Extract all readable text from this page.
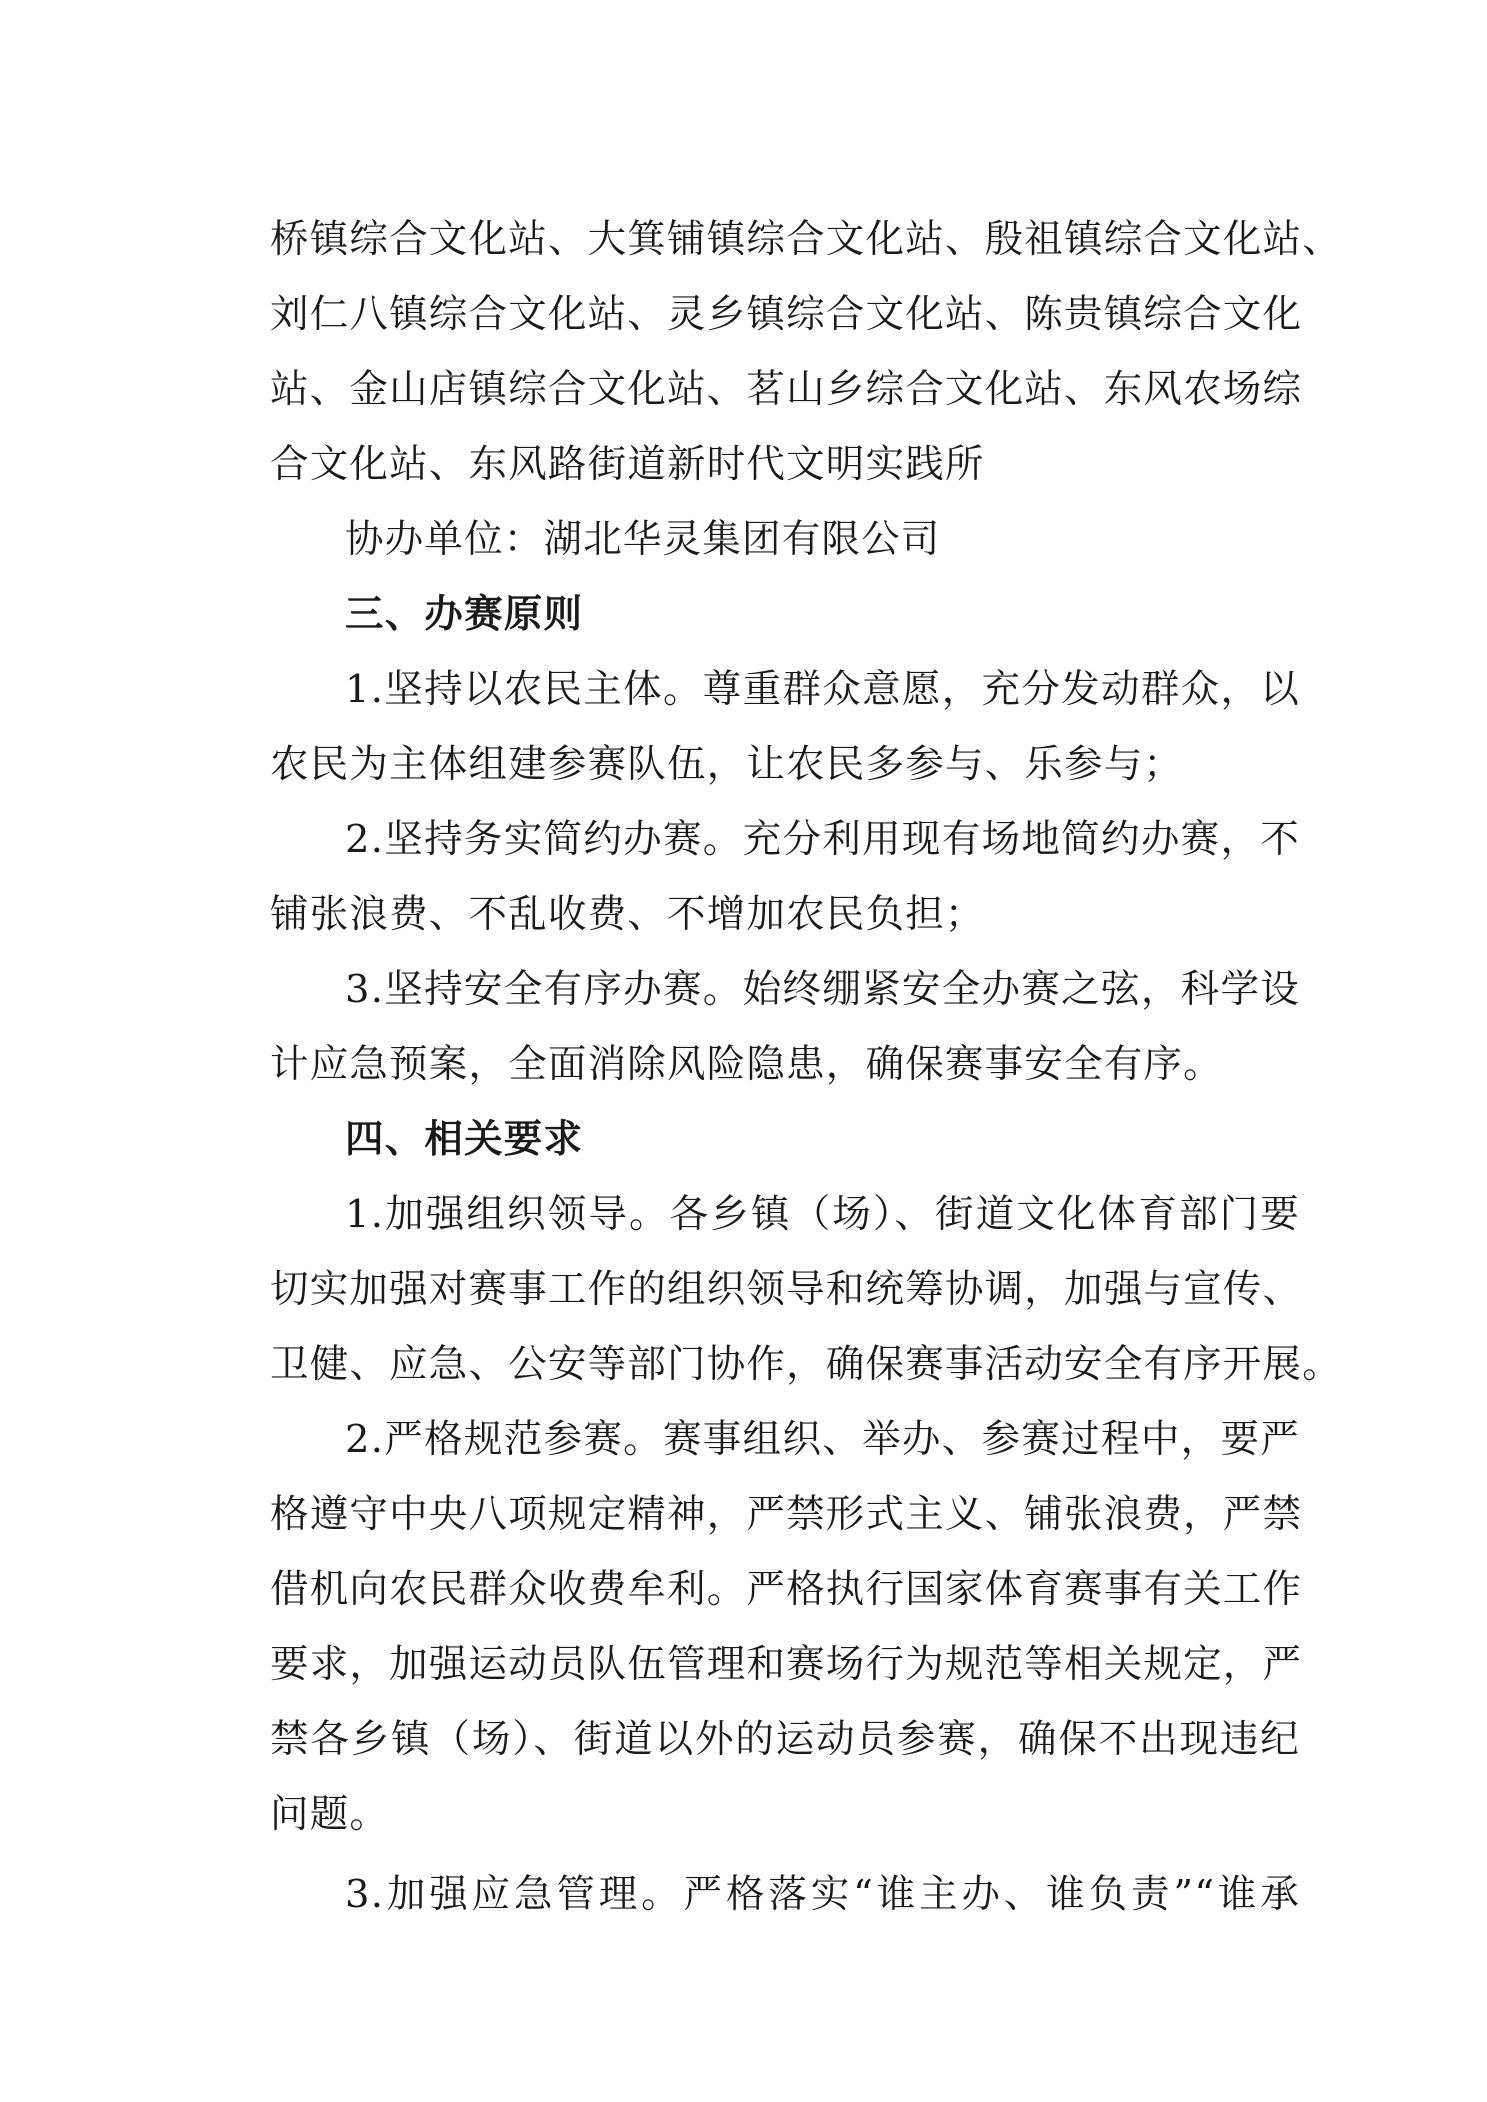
桥镇综合文化站、大箕铺镇综合文化站、殷祖镇综合文化站、
刘仁八镇综合文化站、灵乡镇综合文化站、陈贵镇综合文化
站、金山店镇综合文化站、茗山乡综合文化站、东风农场综
合文化站、东风路街道新时代文明实践所
协办单位：湖北华灵集团有限公司
三、办赛原则
1.坚持以农民主体。尊重群众意愿，充分发动群众，以
农民为主体组建参赛队伍，让农民多参与、乐参与；
2.坚持务实简约办赛。充分利用现有场地简约办赛，不
铺张浪费、不乱收费、不增加农民负担；
3.坚持安全有序办赛。始终绷紧安全办赛之弦，科学设
计应急预案，全面消除风险隐患，确保赛事安全有序。
四、相关要求
1.加强组织领导。各乡镇（场）、街道文化体育部门要
切实加强对赛事工作的组织领导和统筹协调，加强与宣传、
卫健、应急、公安等部门协作，确保赛事活动安全有序开展。
2.严格规范参赛。赛事组织、举办、参赛过程中，要严
格遵守中央八项规定精神，严禁形式主义、铺张浪费，严禁
借机向农民群众收费牟利。严格执行国家体育赛事有关工作
要求，加强运动员队伍管理和赛场行为规范等相关规定，严
禁各乡镇（场）、街道以外的运动员参赛，确保不出现违纪
问题。
3.加强应急管理。严格落实“谁主办、谁负责”“谁承
